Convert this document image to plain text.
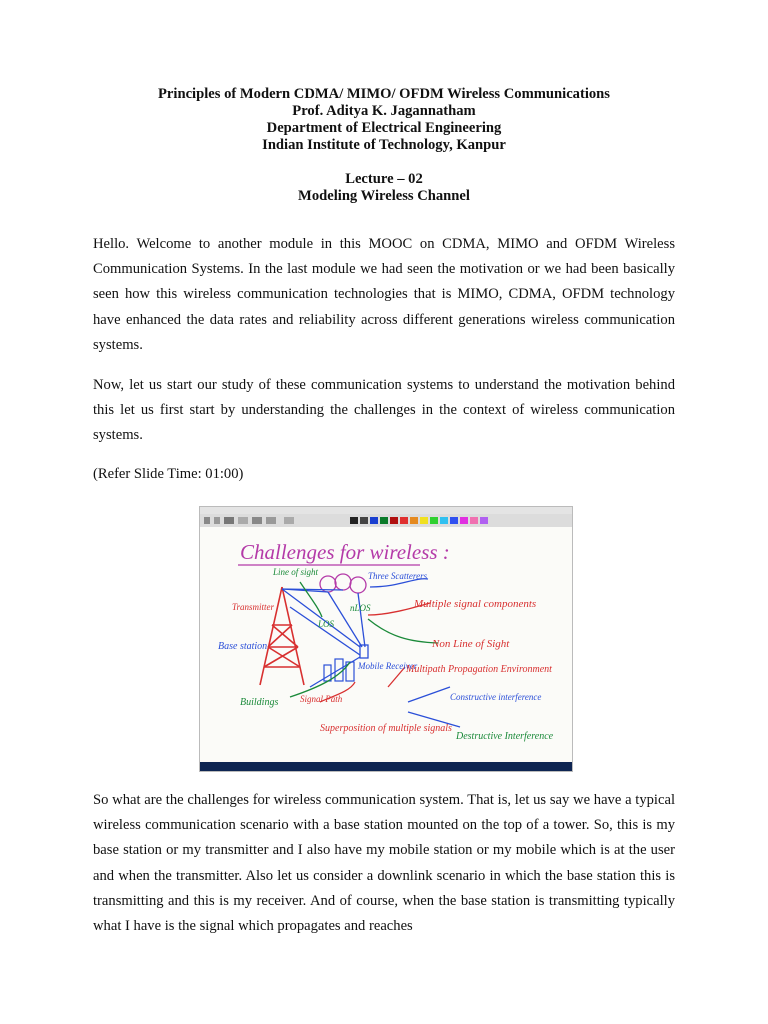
Principles of Modern CDMA/ MIMO/ OFDM Wireless Communications
Prof. Aditya K. Jagannatham
Department of Electrical Engineering
Indian Institute of Technology, Kanpur
Lecture – 02
Modeling Wireless Channel

Hello. Welcome to another module in this MOOC on CDMA, MIMO and OFDM Wireless Communication Systems. In the last module we had seen the motivation or we had been basically seen how this wireless communication technologies that is MIMO, CDMA, OFDM technology have enhanced the data rates and reliability across different generations wireless communication systems.

Now, let us start our study of these communication systems to understand the motivation behind this let us first start by understanding the challenges in the context of wireless communication systems.

(Refer Slide Time: 01:00)
Challenges for wireless :
Line of sight	Three Scatterers
Transmitter
Base station
LOS
nLOS	Multiple signal components
Non Line of Sight
Mobile Receiver
Multipath Propagation Environment
Buildings Signal Path	Constructive interference
Superposition of multiple signals
Destructive Interference

So what are the challenges for wireless communication system. That is, let us say we have a typical wireless communication scenario with a base station mounted on the top of a tower. So, this is my base station or my transmitter and I also have my mobile station or my mobile which is at the user and when the transmitter. Also let us consider a downlink scenario in which the base station this is transmitting and this is my receiver. And of course, when the base station is transmitting typically what I have is the signal which propagates and reaches
